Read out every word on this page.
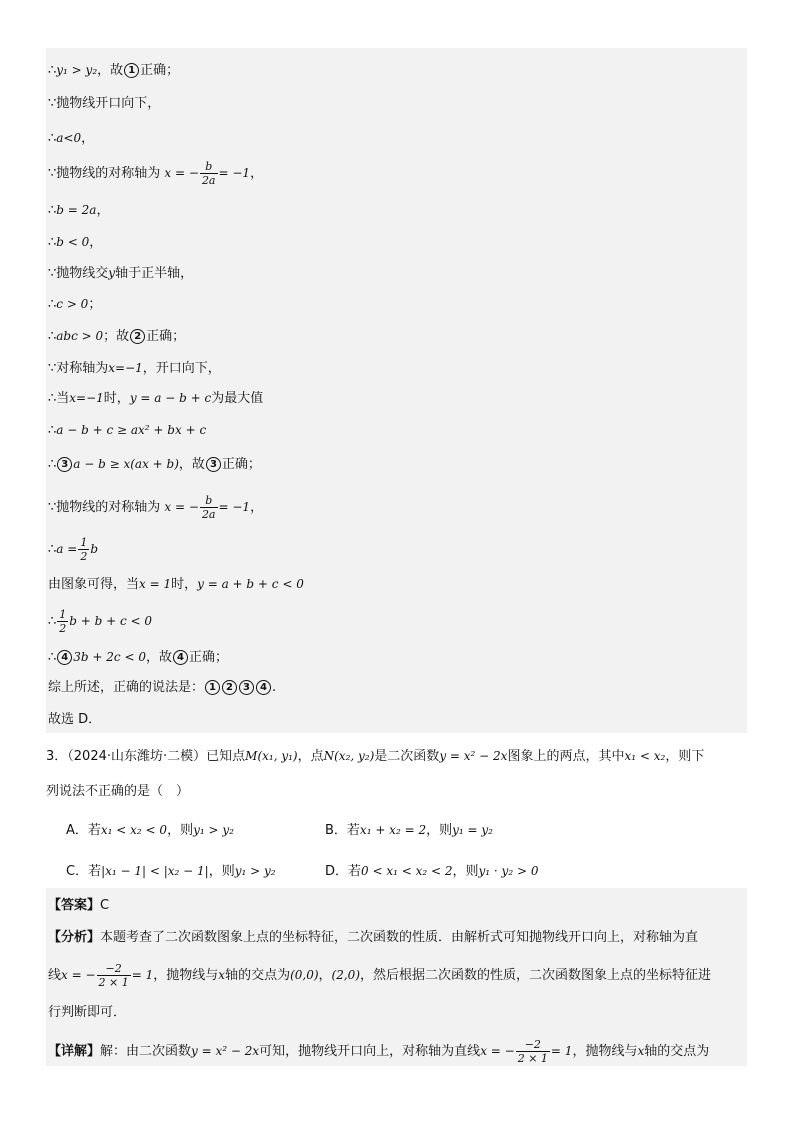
∴y₁ > y₂，故 1 正确；
∵抛物线开口向下，
∴a<0，
∵抛物线的对称轴为 x = − $\frac{b}{2a} = -1$，
∴b = 2a，
∴b < 0，
∵抛物线交y轴于正半轴，
∴c > 0；
∴abc > 0；故 2 正确；
∵对称轴为x=−1，开口向下，
∴当x=−1时，y = a − b + c为最大值
∴a − b + c ≥ ax² + bx + c
∴ 3 a − b ≥ x(ax + b)，故 3 正确；
∵抛物线的对称轴为 x = − $\frac{b}{2a} = -1$，
∴a = $\frac{1}{2}$ b
由图象可得，当x = 1时，y = a + b + c < 0
∴ $\frac{1}{2}$ b + b + c < 0
∴ 4 3b + 2c < 0，故 4 正确；
综上所述，正确的说法是： 1 2 3 4 .
故选 D．
3．（2024·山东潍坊·二模）已知点M(x₁, y₁)，点N(x₂, y₂)是二次函数y = x² − 2x图象上的两点，其中x₁ < x₂，则下
列说法不正确的是（　）
A．若x₁ < x₂ < 0，则y₁ > y₂	B．若x₁ + x₂ = 2，则y₁ = y₂
C．若|x₁ − 1| < |x₂ − 1|，则y₁ > y₂	D．若0 < x₁ < x₂ < 2，则y₁ · y₂ > 0
【答案】C
【分析】本题考查了二次函数图象上点的坐标特征，二次函数的性质．由解析式可知抛物线开口向上，对称轴为直
线x = − $\frac{-2}{2 \times 1} = 1$，抛物线与x轴的交点为(0,0)，(2,0)，然后根据二次函数的性质，二次函数图象上点的坐标特征进
行判断即可．
【详解】解：由二次函数y = x² − 2x可知，抛物线开口向上，对称轴为直线x = − $\frac{-2}{2 \times 1} = 1$，抛物线与x轴的交点为
